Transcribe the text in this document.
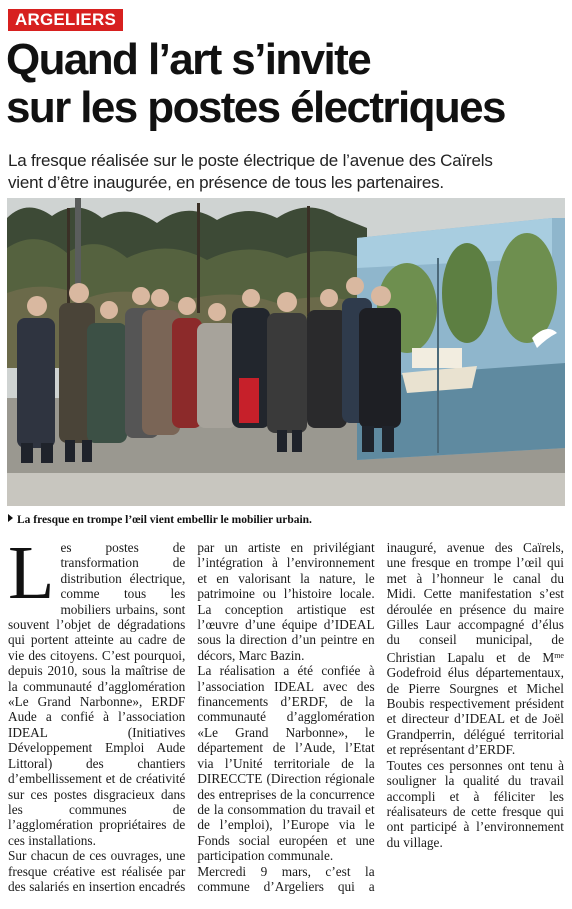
ARGELIERS
Quand l’art s’invite
sur les postes électriques
La fresque réalisée sur le poste électrique de l’avenue des Caïrels
vient d’être inaugurée, en présence de tous les partenaires.
La fresque en trompe l’œil vient embellir le mobilier urbain.

Les postes de transformation de distribution électrique, comme tous les mobiliers urbains, sont souvent l’objet de dégradations qui portent atteinte au cadre de vie des citoyens. C’est pourquoi, depuis 2010, sous la maîtrise de la communauté d’agglomération «Le Grand Narbonne», ERDF Aude a confié à l’association IDEAL (Initiatives Développement Emploi Aude Littoral) des chantiers d’embellissement et de créativité sur ces postes disgracieux dans les communes de l’agglomération propriétaires de ces installations.

Sur chacun de ces ouvrages, une fresque créative est réalisée par des salariés en insertion encadrés par un artiste en privilégiant l’intégration à l’environnement et en valorisant la nature, le patrimoine ou l’histoire locale. La conception artistique est l’œuvre d’une équipe d’IDEAL sous la direction d’un peintre en décors, Marc Bazin.

La réalisation a été confiée à l’association IDEAL avec des financements d’ERDF, de la communauté d’agglomération «Le Grand Narbonne», le département de l’Aude, l’Etat via l’Unité territoriale de la DIRECCTE (Direction régionale des entreprises de la concurrence de la consommation du travail et de l’emploi), l’Europe via le Fonds social européen et une participation communale.

Mercredi 9 mars, c’est la commune d’Argeliers qui a inauguré, avenue des Caïrels, une fresque en trompe l’œil qui met à l’honneur le canal du Midi. Cette manifestation s’est déroulée en présence du maire Gilles Laur accompagné d’élus du conseil municipal, de Christian Lapalu et de $M^{me}$ Godefroid élus départementaux, de Pierre Sourgnes et Michel Boubis respectivement président et directeur d’IDEAL et de Joël Grandperrin, délégué territorial et représentant d’ERDF.

Toutes ces personnes ont tenu à souligner la qualité du travail accompli et à féliciter les réalisateurs de cette fresque qui ont participé à l’environnement du village.
